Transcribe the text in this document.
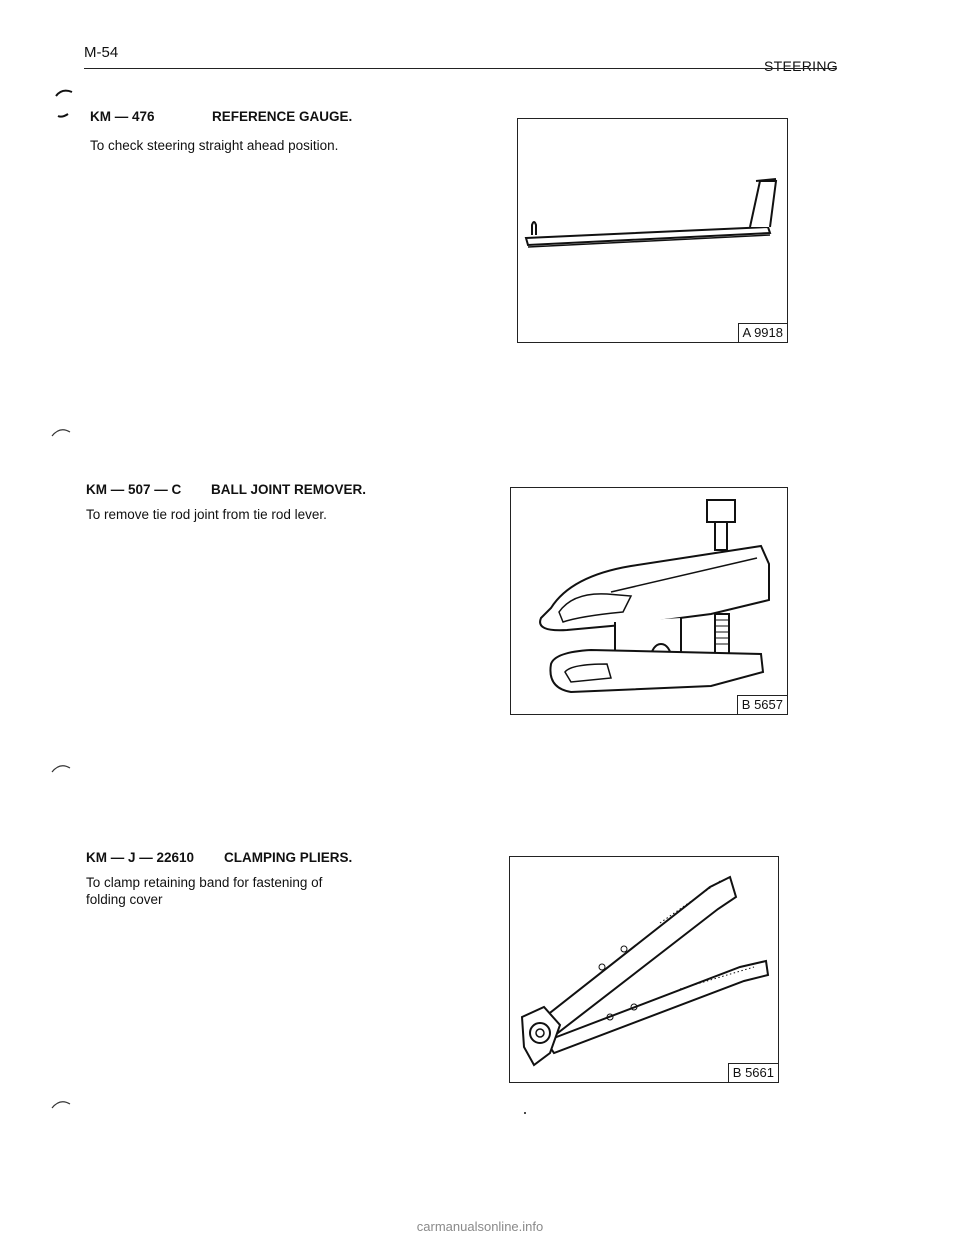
M-54
STEERING
KM — 476	REFERENCE GAUGE.
To check steering straight ahead position.
A 9918
KM — 507 — C BALL JOINT REMOVER.
To remove tie rod joint from tie rod lever.
B 5657
KM — J — 22610 CLAMPING PLIERS.
To clamp retaining band for fastening of folding cover
B 5661
carmanualsonline.info
